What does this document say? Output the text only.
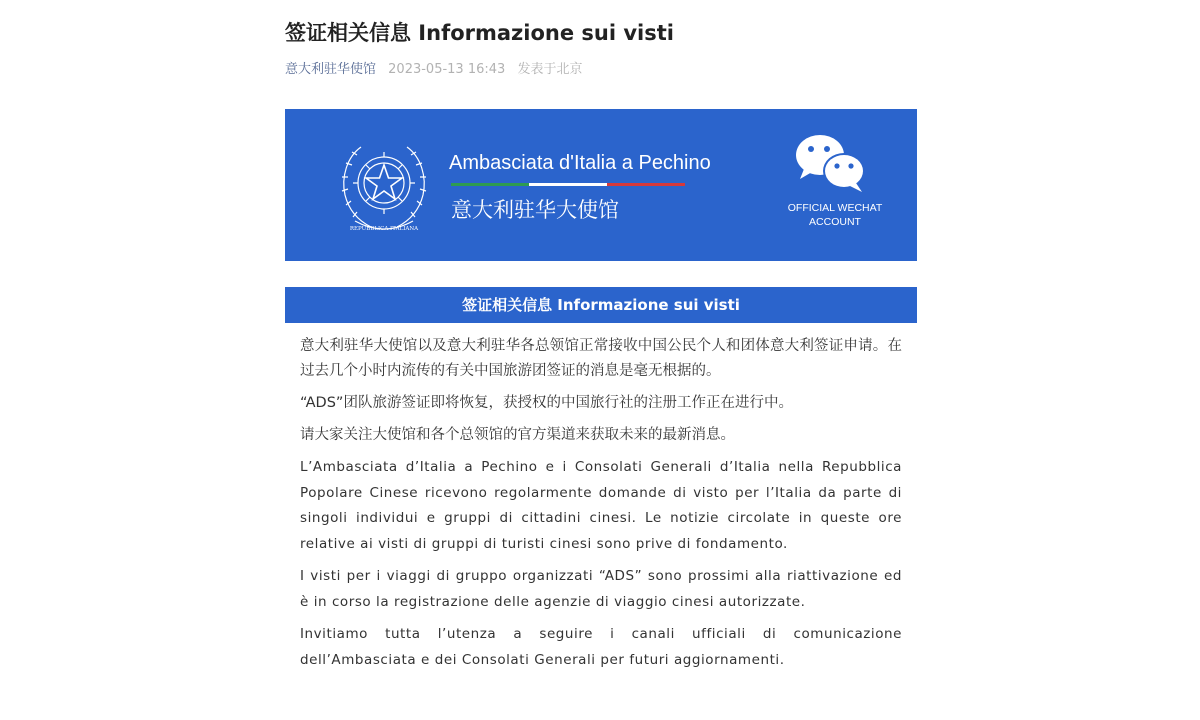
签证相关信息 Informazione sui visti
意大利驻华使馆 2023-05-13 16:43 发表于北京
REPUBBLICA ITALIANA
Ambasciata d'Italia a Pechino
意大利驻华大使馆	OFFICIAL WECHAT
ACCOUNT
签证相关信息 Informazione sui visti

意大利驻华大使馆以及意大利驻华各总领馆正常接收中国公民个人和团体意大利签证申请。在过去几个小时内流传的有关中国旅游团签证的消息是毫无根据的。

“ADS”团队旅游签证即将恢复，获授权的中国旅行社的注册工作正在进行中。

请大家关注大使馆和各个总领馆的官方渠道来获取未来的最新消息。

L’Ambasciata d’Italia a Pechino e i Consolati Generali d’Italia nella Repubblica Popolare Cinese ricevono regolarmente domande di visto per l’Italia da parte di singoli individui e gruppi di cittadini cinesi. Le notizie circolate in queste ore relative ai visti di gruppi di turisti cinesi sono prive di fondamento.

I visti per i viaggi di gruppo organizzati “ADS” sono prossimi alla riattivazione ed è in corso la registrazione delle agenzie di viaggio cinesi autorizzate.

Invitiamo tutta l’utenza a seguire i canali ufficiali di comunicazione dell’Ambasciata e dei Consolati Generali per futuri aggiornamenti.
